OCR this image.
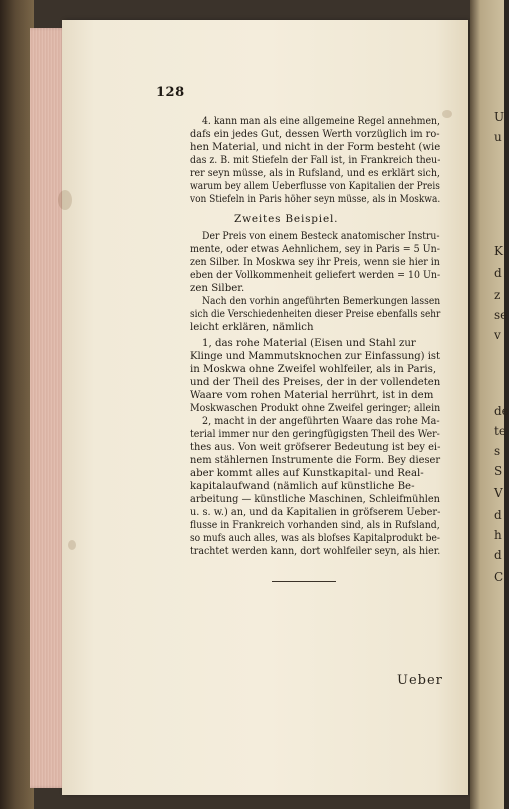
U
u
K
d
z
se
v
de
te
s
S
V
d
h
d
C
128
4. kann man als eine allgemeine Regel annehmen,
dafs ein jedes Gut, dessen Werth vorzüglich im ro-
hen Material, und nicht in der Form besteht (wie
das z. B. mit Stiefeln der Fall ist, in Frankreich theu-
rer seyn müsse, als in Rufsland, und es erklärt sich,
warum bey allem Ueberflusse von Kapitalien der Preis
von Stiefeln in Paris höher seyn müsse, als in Moskwa.
Zweites Beispiel.
Der Preis von einem Besteck anatomischer Instru-
mente, oder etwas Aehnlichem, sey in Paris = 5 Un-
zen Silber. In Moskwa sey ihr Preis, wenn sie hier in
eben der Vollkommenheit geliefert werden = 10 Un-
zen Silber.
Nach den vorhin angeführten Bemerkungen lassen
sich die Verschiedenheiten dieser Preise ebenfalls sehr
leicht erklären, nämlich
1, das rohe Material (Eisen und Stahl zur
Klinge und Mammutsknochen zur Einfassung) ist
in Moskwa ohne Zweifel wohlfeiler, als in Paris,
und der Theil des Preises, der in der vollendeten
Waare vom rohen Material herrührt, ist in dem
Moskwaschen Produkt ohne Zweifel geringer; allein
2, macht in der angeführten Waare das rohe Ma-
terial immer nur den geringfügigsten Theil des Wer-
thes aus. Von weit gröfserer Bedeutung ist bey ei-
nem stählernen Instrumente die Form. Bey dieser
aber kommt alles auf Kunstkapital- und Real-
kapitalaufwand (nämlich auf künstliche Be-
arbeitung — künstliche Maschinen, Schleifmühlen
u. s. w.) an, und da Kapitalien in gröfserem Ueber-
flusse in Frankreich vorhanden sind, als in Rufsland,
so mufs auch alles, was als blofses Kapitalprodukt be-
trachtet werden kann, dort wohlfeiler seyn, als hier.
Ueber
